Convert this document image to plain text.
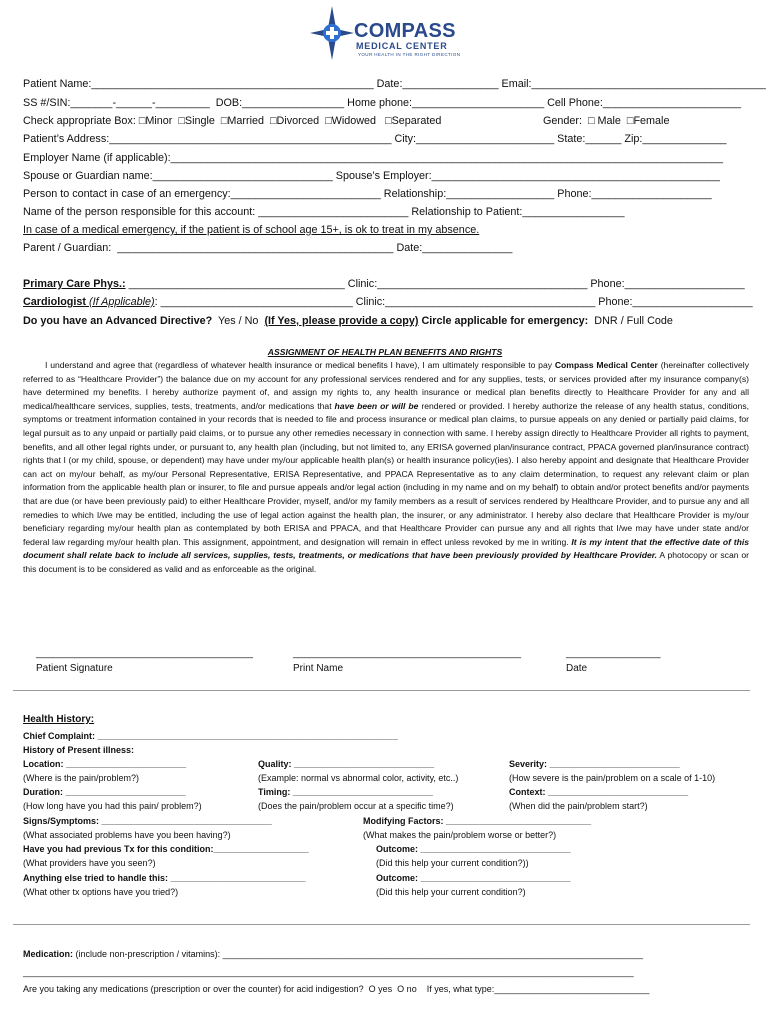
COMPASS
MEDICAL CENTER
YOUR HEALTH IN THE RIGHT DIRECTION
Patient Name:_______________________________________________ Date:________________ Email:_______________________________________
SS #/SIN:_______-______-_________  DOB:_________________ Home phone:______________________ Cell Phone:_______________________
Check appropriate Box: □Minor  □Single  □Married  □Divorced  □Widowed   □Separated	Gender:  □ Male  □Female
Patient’s Address:_______________________________________________ City:_______________________ State:______ Zip:______________
Employer Name (if applicable):____________________________________________________________________________________________
Spouse or Guardian name:______________________________ Spouse’s Employer:________________________________________________
Person to contact in case of an emergency:_________________________ Relationship:__________________ Phone:____________________
Name of the person responsible for this account: _________________________ Relationship to Patient:_________________
In case of a medical emergency, if the patient is of school age 15+, is ok to treat in my absence.
Parent / Guardian:  ______________________________________________ Date:_______________
Primary Care Phys.: ____________________________________ Clinic:___________________________________ Phone:____________________
Cardiologist (If Applicable): ________________________________ Clinic:___________________________________ Phone:____________________
Do you have an Advanced Directive?  Yes / No  (If Yes, please provide a copy) Circle applicable for emergency:  DNR / Full Code
ASSIGNMENT OF HEALTH PLAN BENEFITS AND RIGHTS
I understand and agree that (regardless of whatever health insurance or medical benefits I have), I am ultimately responsible to pay Compass Medical Center (hereinafter collectively referred to as “Healthcare Provider”) the balance due on my account for any professional services rendered and for any supplies, tests, or services provided after my insurance company(s) have determined my benefits. I hereby authorize payment of, and assign my rights to, any health insurance or medical plan benefits directly to Healthcare Provider for any and all medical/healthcare services, supplies, tests, treatments, and/or medications that have been or will be rendered or provided. I hereby authorize the release of any health status, conditions, symptoms or treatment information contained in your records that is needed to file and process insurance or medical plan claims, to pursue appeals on any denied or partially paid claims, for legal pursuit as to any unpaid or partially paid claims, or to pursue any other remedies necessary in connection with same. I hereby assign directly to Healthcare Provider all rights to payment, benefits, and all other legal rights under, or pursuant to, any health plan (including, but not limited to, any ERISA governed plan/insurance contract, PPACA governed plan/insurance contract) rights that I (or my child, spouse, or dependent) may have under my/our applicable health plan(s) or health insurance policy(ies). I also hereby appoint and designate that Healthcare Provider can act on my/our behalf, as my/our Personal Representative, ERISA Representative, and PPACA Representative as to any claim determination, to request any relevant claim or plan information from the applicable health plan or insurer, to file and pursue appeals and/or legal action (including in my name and on my behalf) to obtain and/or protect benefits and/or payments that are due (or have been previously paid) to either Healthcare Provider, myself, and/or my family members as a result of services rendered by Healthcare Provider, and to pursue any and all remedies to which I/we may be entitled, including the use of legal action against the health plan, the insurer, or any administrator. I hereby also declare that Healthcare Provider is my/our beneficiary regarding my/our health plan as contemplated by both ERISA and PPACA, and that Healthcare Provider can pursue any and all rights that I/we may have under state and/or federal law regarding my/our health plan. This assignment, appointment, and designation will remain in effect unless revoked by me in writing. It is my intent that the effective date of this document shall relate back to include all services, supplies, tests, treatments, or medications that have been previously provided by Healthcare Provider. A photocopy or scan or this document is to be considered as valid and as enforceable as the original.
_______________________________________	_________________________________________	_________________
Patient Signature	Print Name	Date
Health History:
Chief Complaint: ____________________________________________________________
History of Present illness:
Location: ________________________	Quality: ____________________________	Severity: __________________________
(Where is the pain/problem?)	(Example: normal vs abnormal color, activity, etc..)	(How severe is the pain/problem on a scale of 1-10)
Duration: ________________________	Timing: ____________________________	Context: ____________________________
(How long have you had this pain/ problem?)	(Does the pain/problem occur at a specific time?)	(When did the pain/problem start?)
Signs/Symptoms: __________________________________	Modifying Factors: _____________________________
(What associated problems have you been having?)	(What makes the pain/problem worse or better?)
Have you had previous Tx for this condition:___________________	Outcome: ______________________________
(What providers have you seen?)	(Did this help your current condition?))
Anything else tried to handle this: ___________________________	Outcome: ______________________________
(What other tx options have you tried?)	(Did this help your current condition?)
Medication: (include non-prescription / vitamins): ____________________________________________________________________________________
__________________________________________________________________________________________________________________________
Are you taking any medications (prescription or over the counter) for acid indigestion?  O yes  O no    If yes, what type:_______________________________
